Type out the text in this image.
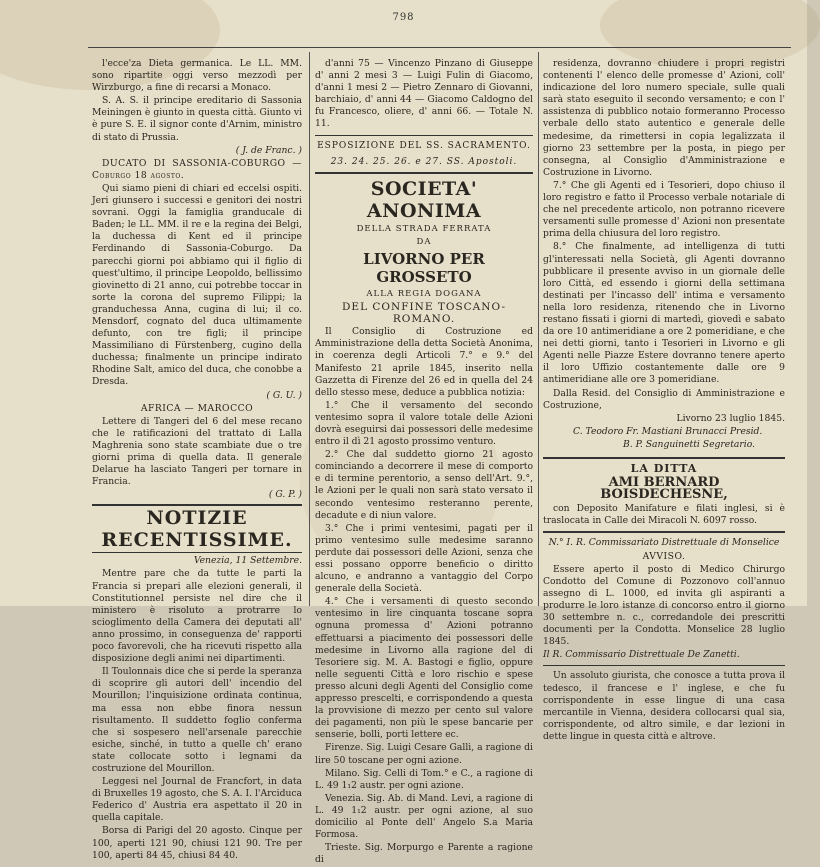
798

l'ecce'za Dieta germanica. Le LL. MM. sono ripartite oggi verso mezzodì per Wirzburgo, a fine di recarsi a Monaco.

S. A. S. il principe ereditario di Sassonia Meiningen è giunto in questa città. Giunto vi è pure S. E. il signor conte d'Arnim, ministro di stato di Prussia.

( J. de Franc. )

DUCATO DI SASSONIA-COBURGO — Coburgo 18 agosto.

Qui siamo pieni di chiari ed eccelsi ospiti. Jeri giunsero i successi e genitori dei nostri sovrani. Oggi la famiglia granducale di Baden; le LL. MM. il re e la regina dei Belgi, la duchessa di Kent ed il principe Ferdinando di Sassonia-Coburgo. Da parecchi giorni poi abbiamo qui il figlio di quest'ultimo, il principe Leopoldo, bellissimo giovinetto di 21 anno, cui potrebbe toccar in sorte la corona del supremo Filippi; la granduchessa Anna, cugina di lui; il co. Mensdorf, cognato del duca ultimamente defunto, con tre figli; il principe Massimiliano di Fürstenberg, cugino della duchessa; finalmente un principe indirato Rhodine Salt, amico del duca, che conobbe a Dresda.

( G. U. )

AFRICA — MAROCCO

Lettere di Tangeri del 6 del mese recano che le ratificazioni del trattato di Lalla Maghrenia sono state scambiate due o tre giorni prima di quella data. Il generale Delarue ha lasciato Tangeri per tornare in Francia.

( G. P. )

NOTIZIE RECENTISSIME.

Venezia, 11 Settembre.

Mentre pare che da tutte le parti la Francia si prepari alle elezioni generali, il Constitutionnel persiste nel dire che il ministero è risoluto a protrarre lo scioglimento della Camera dei deputati all' anno prossimo, in conseguenza de' rapporti poco favorevoli, che ha ricevuti rispetto alla disposizione degli animi nei dipartimenti.

Il Toulonnais dice che si perde la speranza di scoprire gli autori dell' incendio del Mourillon; l'inquisizione ordinata continua, ma essa non ebbe finora nessun risultamento. Il suddetto foglio conferma che si sospesero nell'arsenale parecchie esiche, sinché, in tutto a quelle ch' erano state collocate sotto i legnami da costruzione del Mourillon.

Leggesi nel Journal de Francfort, in data di Bruxelles 19 agosto, che S. A. I. l'Arciduca Federico d' Austria era aspettato il 20 in quella capitale.

Borsa di Parigi del 20 agosto. Cinque per 100, aperti 121 90, chiusi 121 90. Tre per 100, aperti 84 45, chiusi 84 40.

d'anni 75 — Vincenzo Pinzano di Giuseppe d' anni 2 mesi 3 — Luigi Fulin di Giacomo, d'anni 1 mesi 2 — Pietro Zennaro di Giovanni, barchiaio, d' anni 44 — Giacomo Caldogno del fu Francesco, oliere, d' anni 66. — Totale N. 11.

ESPOSIZIONE DEL SS. SACRAMENTO.
23. 24. 25. 26. e 27. SS. Apostoli.
SOCIETA' ANONIMA
DELLA STRADA FERRATA
DA
LIVORNO PER GROSSETO
ALLA REGIA DOGANA
DEL CONFINE TOSCANO-ROMANO.

Il Consiglio di Costruzione ed Amministrazione della detta Società Anonima, in coerenza degli Articoli 7.° e 9.° del Manifesto 21 aprile 1845, inserito nella Gazzetta di Firenze del 26 ed in quella del 24 dello stesso mese, deduce a pubblica notizia:

1.° Che il versamento del secondo ventesimo sopra il valore totale delle Azioni dovrà eseguirsi dai possessori delle medesime entro il dì 21 agosto prossimo venturo.

2.° Che dal suddetto giorno 21 agosto cominciando a decorrere il mese di comporto e di termine perentorio, a senso dell'Art. 9.°, le Azioni per le quali non sarà stato versato il secondo ventesimo resteranno perente, decadute e di niun valore.

3.° Che i primi ventesimi, pagati per il primo ventesimo sulle medesime saranno perdute dai possessori delle Azioni, senza che essi possano opporre beneficio o diritto alcuno, e andranno a vantaggio del Corpo generale della Società.

4.° Che i versamenti di questo secondo ventesimo in lire cinquanta toscane sopra ognuna promessa d' Azioni potranno effettuarsi a piacimento dei possessori delle medesime in Livorno alla ragione del di Tesoriere sig. M. A. Bastogi e figlio, oppure nelle seguenti Città e loro rischio e spese presso alcuni degli Agenti del Consiglio come appresso prescelti, e corrispondendo a questa la provvisione di mezzo per cento sul valore dei pagamenti, non più le spese bancarie per senserie, bolli, porti lettere ec.

Firenze. Sig. Luigi Cesare Galli, a ragione di lire 50 toscane per ogni azione.

Milano. Sig. Celli di Tom.° e C., a ragione di L. 49 1₁2 austr. per ogni azione.

Venezia. Sig. Ab. di Mand. Levi, a ragione di L. 49 1₁2 austr. per ogni azione, al suo domicilio al Ponte dell' Angelo S.a Maria Formosa.

Trieste. Sig. Morpurgo e Parente a ragione di

residenza, dovranno chiudere i propri registri contenenti l' elenco delle promesse d' Azioni, coll' indicazione del loro numero speciale, sulle quali sarà stato eseguito il secondo versamento; e con l' assistenza di pubblico notaio formeranno Processo verbale dello stato autentico e generale delle medesime, da rimettersi in copia legalizzata il giorno 23 settembre per la posta, in piego per consegna, al Consiglio d'Amministrazione e Costruzione in Livorno.

7.° Che gli Agenti ed i Tesorieri, dopo chiuso il loro registro e fatto il Processo verbale notariale di che nel precedente articolo, non potranno ricevere versamenti sulle promesse d' Azioni non presentate prima della chiusura del loro registro.

8.° Che finalmente, ad intelligenza di tutti gl'interessati nella Società, gli Agenti dovranno pubblicare il presente avviso in un giornale delle loro Città, ed essendo i giorni della settimana destinati per l'incasso dell' intima e versamento nella loro residenza, ritenendo che in Livorno restano fissati i giorni di martedì, giovedì e sabato da ore 10 antimeridiane a ore 2 pomeridiane, e che nei detti giorni, tanto i Tesorieri in Livorno e gli Agenti nelle Piazze Estere dovranno tenere aperto il loro Uffizio costantemente dalle ore 9 antimeridiane alle ore 3 pomeridiane.

Dalla Resid. del Consiglio di Amministrazione e Costruzione,

Livorno 23 luglio 1845.

C. Teodoro Fr. Mastiani Brunacci Presid.

B. P. Sanguinetti Segretario.

LA DITTA
AMI BERNARD BOISDECHESNE,

con Deposito Manifature e filati inglesi, si è traslocata in Calle dei Miracoli N. 6097 rosso.

N.° I. R. Commissariato Distrettuale di Monselice

AVVISO.

Essere aperto il posto di Medico Chirurgo Condotto del Comune di Pozzonovo coll'annuo assegno di L. 1000, ed invita gli aspiranti a produrre le loro istanze di concorso entro il giorno 30 settembre n. c., corredandole dei prescritti documenti per la Condotta. Monselice 28 luglio 1845.

Il R. Commissario Distrettuale De Zanetti.

Un assoluto giurista, che conosce a tutta prova il tedesco, il francese e l' inglese, e che fu corrispondente in esse lingue di una casa mercantile in Vienna, desidera collocarsi qual sia, corrispondente, od altro simile, e dar lezioni in dette lingue in questa città e altrove.
